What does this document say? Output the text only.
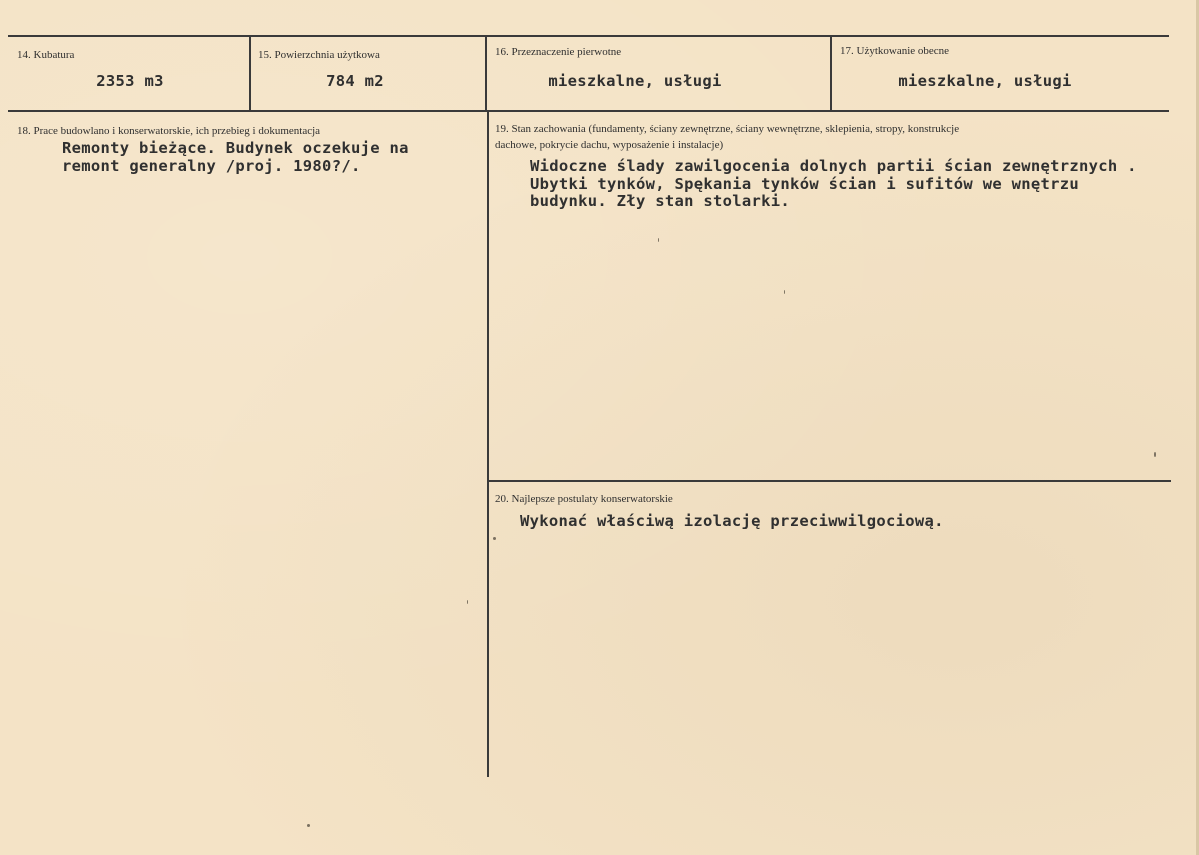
14. Kubatura
2353 m3
15. Powierzchnia użytkowa
784 m2
16. Przeznaczenie pierwotne
mieszkalne, usługi
17. Użytkowanie obecne
mieszkalne, usługi
18. Prace budowlano i konserwatorskie, ich przebieg i dokumentacja
Remonty bieżące. Budynek oczekuje na
remont generalny /proj. 1980?/.
19. Stan zachowania (fundamenty, ściany zewnętrzne, ściany wewnętrzne, sklepienia, stropy, konstrukcje
dachowe, pokrycie dachu, wyposażenie i instalacje)
Widoczne ślady zawilgocenia dolnych partii ścian zewnętrznych .
Ubytki tynków, Spękania tynków ścian i sufitów we wnętrzu
budynku. Zły stan stolarki.
20. Najlepsze postulaty konserwatorskie
Wykonać właściwą izolację przeciwwilgociową.
